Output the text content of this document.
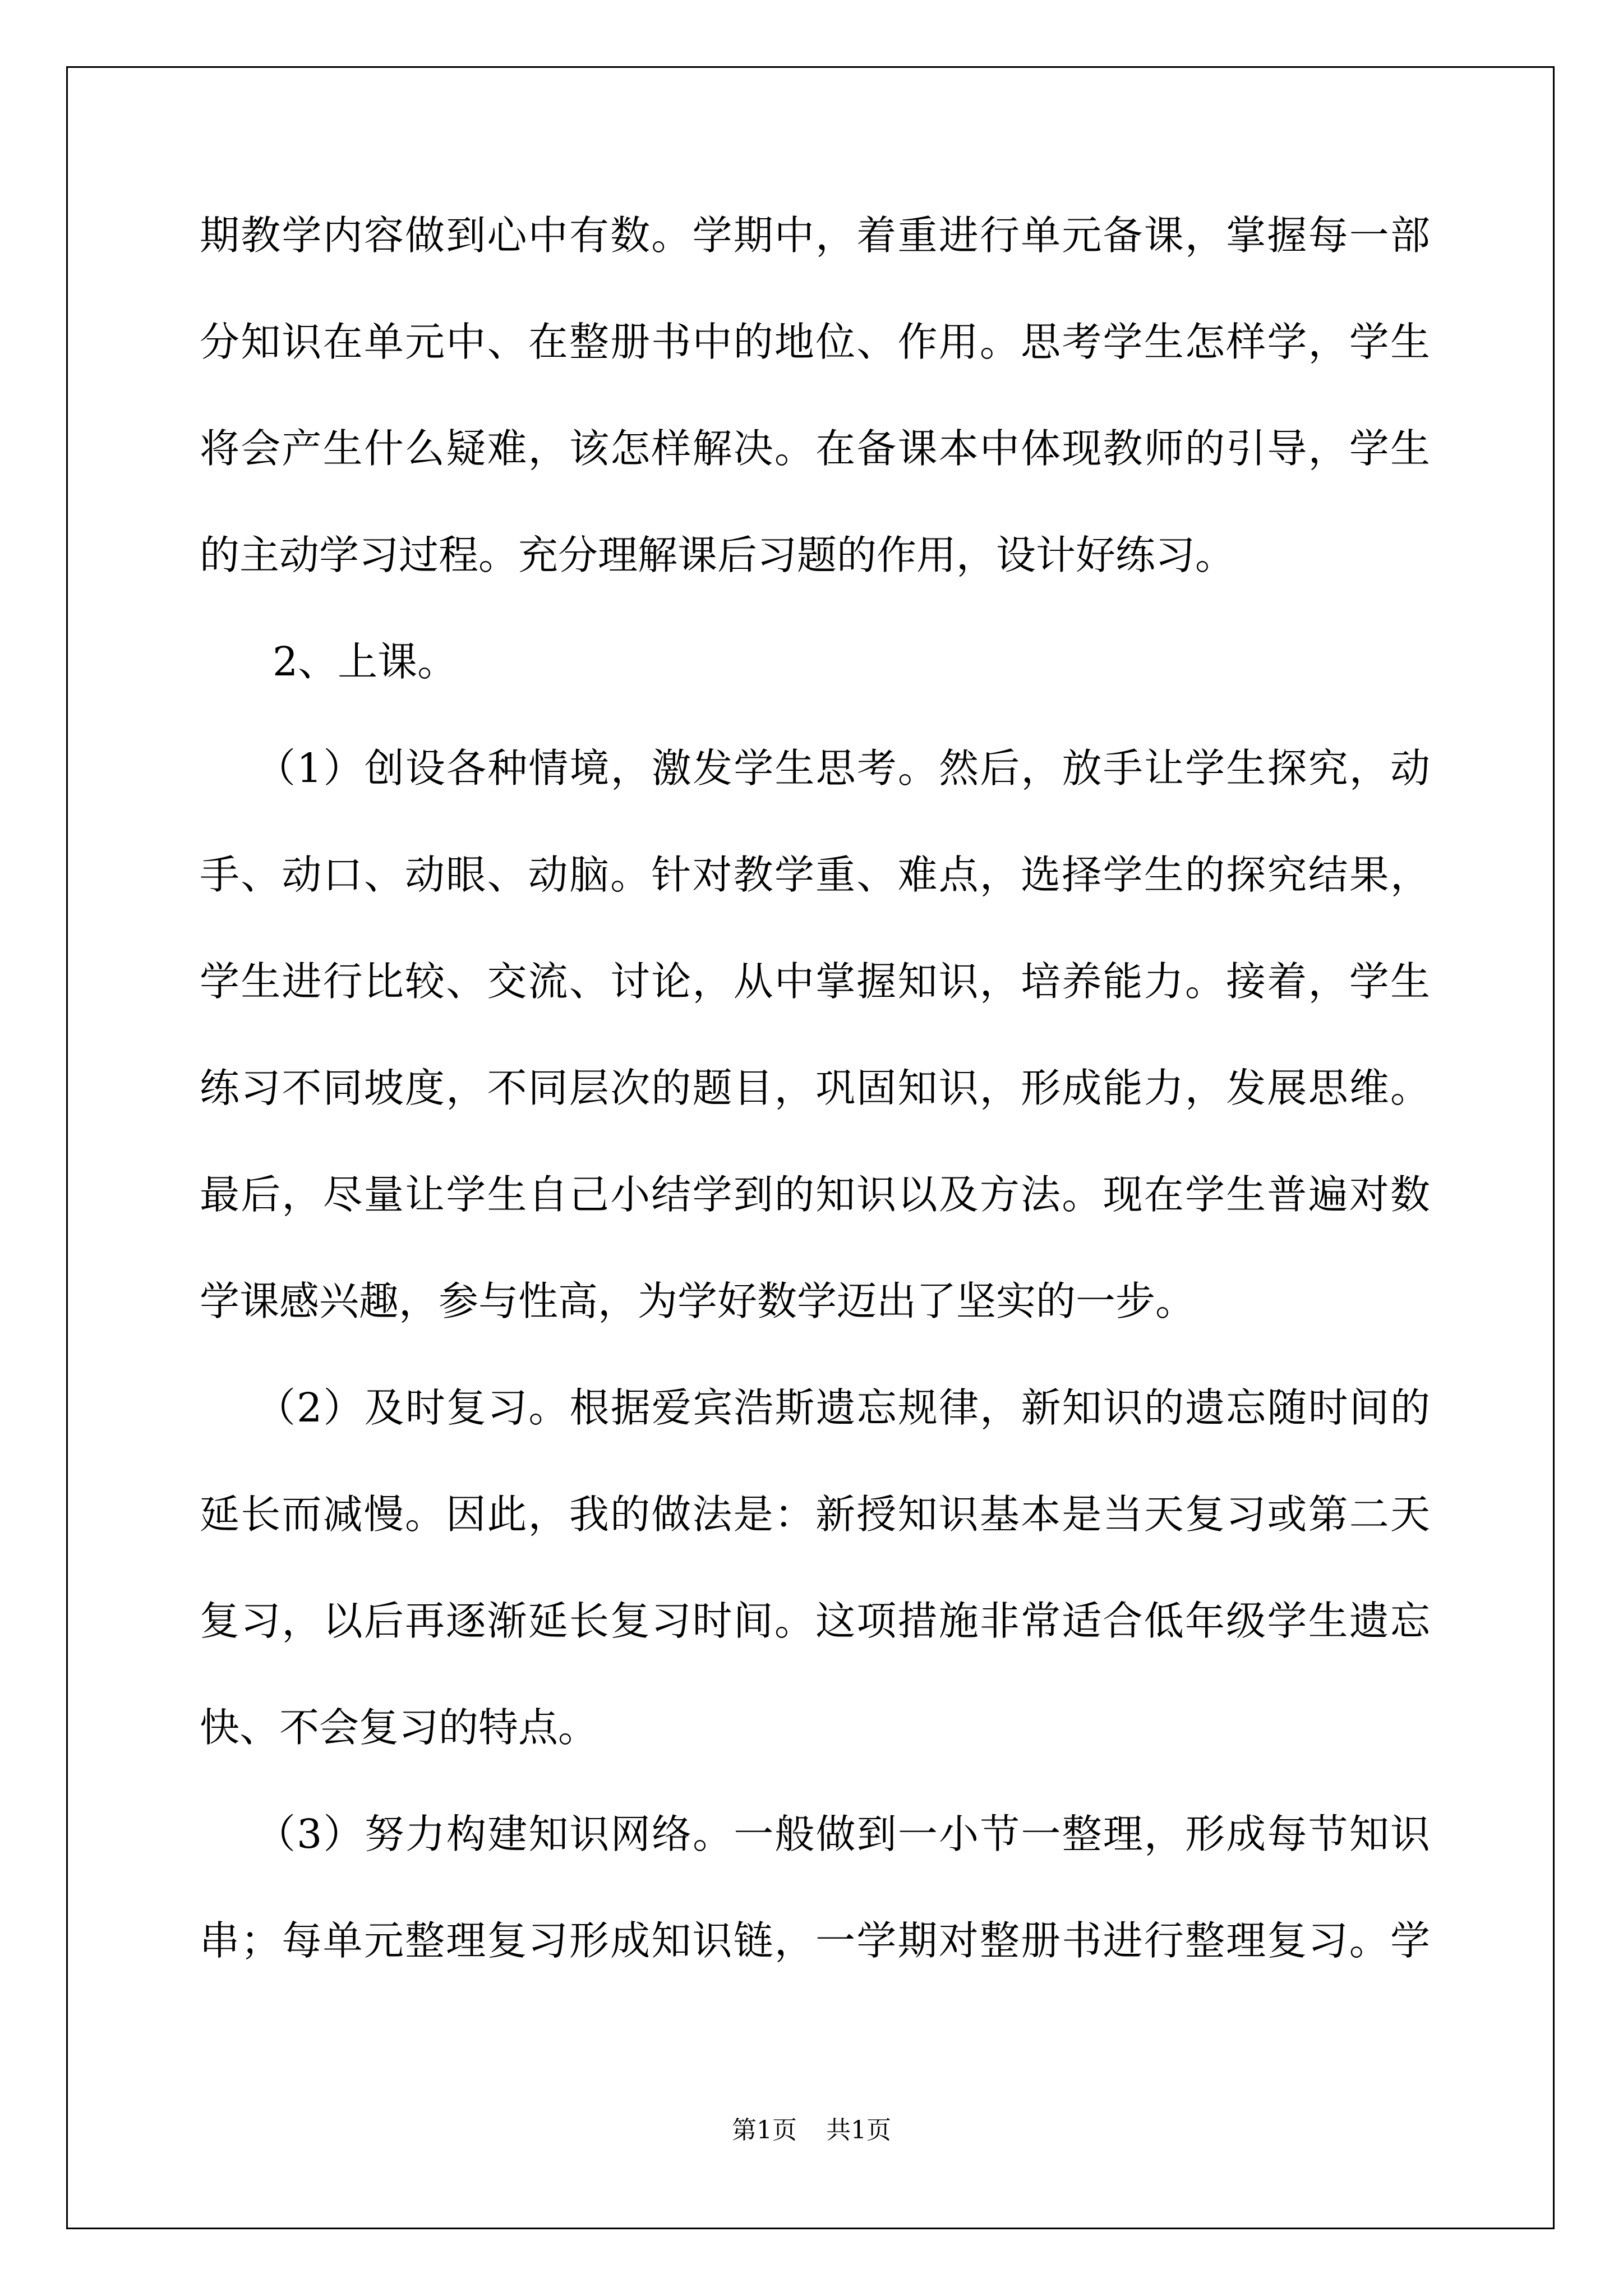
期教学内容做到心中有数。学期中，着重进行单元备课，掌握每一部
分知识在单元中、在整册书中的地位、作用。思考学生怎样学，学生
将会产生什么疑难，该怎样解决。在备课本中体现教师的引导，学生
的主动学习过程。充分理解课后习题的作用，设计好练习。
2、上课。
（1）创设各种情境，激发学生思考。然后，放手让学生探究，动
手、动口、动眼、动脑。针对教学重、难点，选择学生的探究结果，
学生进行比较、交流、讨论，从中掌握知识，培养能力。接着，学生
练习不同坡度，不同层次的题目，巩固知识，形成能力，发展思维。
最后，尽量让学生自己小结学到的知识以及方法。现在学生普遍对数
学课感兴趣，参与性高，为学好数学迈出了坚实的一步。
（2）及时复习。根据爱宾浩斯遗忘规律，新知识的遗忘随时间的
延长而减慢。因此，我的做法是：新授知识基本是当天复习或第二天
复习，以后再逐渐延长复习时间。这项措施非常适合低年级学生遗忘
快、不会复习的特点。
（3）努力构建知识网络。一般做到一小节一整理，形成每节知识
串；每单元整理复习形成知识链，一学期对整册书进行整理复习。学
第1页 共1页
